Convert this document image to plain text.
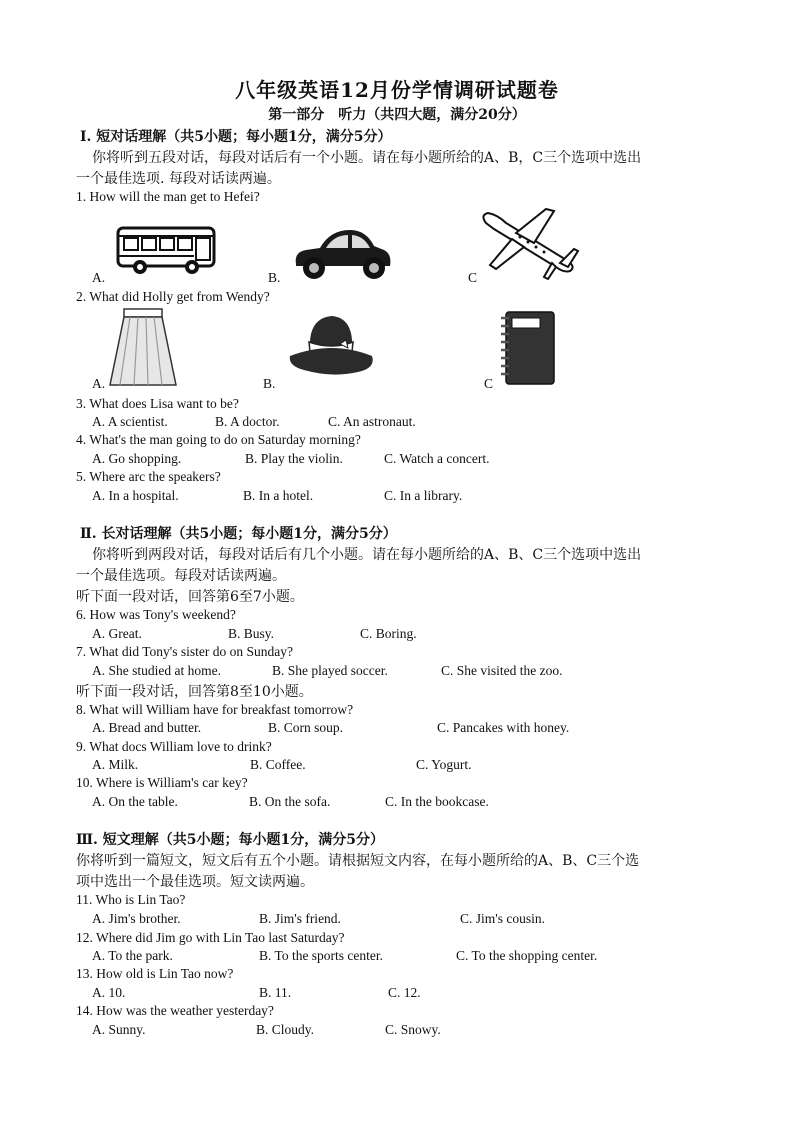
八年级英语12月份学情调研试题卷
第一部分　听力（共四大题，满分20分）
Ⅰ. 短对话理解（共5小题；每小题1分，满分5分）
你将听到五段对话，每段对话后有一个小题。请在每小题所给的A、B，C三个选项中选出
一个最佳选项. 每段对话读两遍。
1. How will the man get to Hefei?
A.	B.	C
2. What did Holly get from Wendy?
A.	B.	C
3. What does Lisa want to be?
A. A scientist.	B. A doctor.	C. An astronaut.
4. What's the man going to do on Saturday morning?
A. Go shopping.	B. Play the violin.	C. Watch a concert.
5. Where arc the speakers?
A. In a hospital.	B. In a hotel.	C. In a library.
Ⅱ. 长对话理解（共5小题；每小题1分，满分5分）
你将听到两段对话，每段对话后有几个小题。请在每小题所给的A、B、C三个选项中选出
一个最佳选项。每段对话读两遍。
听下面一段对话，回答第6至7小题。
6. How was Tony's weekend?
A. Great.	B. Busy.	C. Boring.
7. What did Tony's sister do on Sunday?
A. She studied at home.	B. She played soccer.	C. She visited the zoo.
听下面一段对话，回答第8至10小题。
8. What will William have for breakfast tomorrow?
A. Bread and butter.	B. Corn soup.	C. Pancakes with honey.
9. What docs William love to drink?
A. Milk.	B. Coffee.	C. Yogurt.
10. Where is William's car key?
A. On the table.	B. On the sofa.	C. In the bookcase.
Ⅲ. 短文理解（共5小题；每小题1分，满分5分）
你将听到一篇短文，短文后有五个小题。请根据短文内容，在每小题所给的A、B、C三个选
项中选出一个最佳选项。短文读两遍。
11. Who is Lin Tao?
A. Jim's brother.	B. Jim's friend.	C. Jim's cousin.
12. Where did Jim go with Lin Tao last Saturday?
A. To the park.	B. To the sports center.	C. To the shopping center.
13. How old is Lin Tao now?
A. 10.	B. 11.	C. 12.
14. How was the weather yesterday?
A. Sunny.	B. Cloudy.	C. Snowy.
